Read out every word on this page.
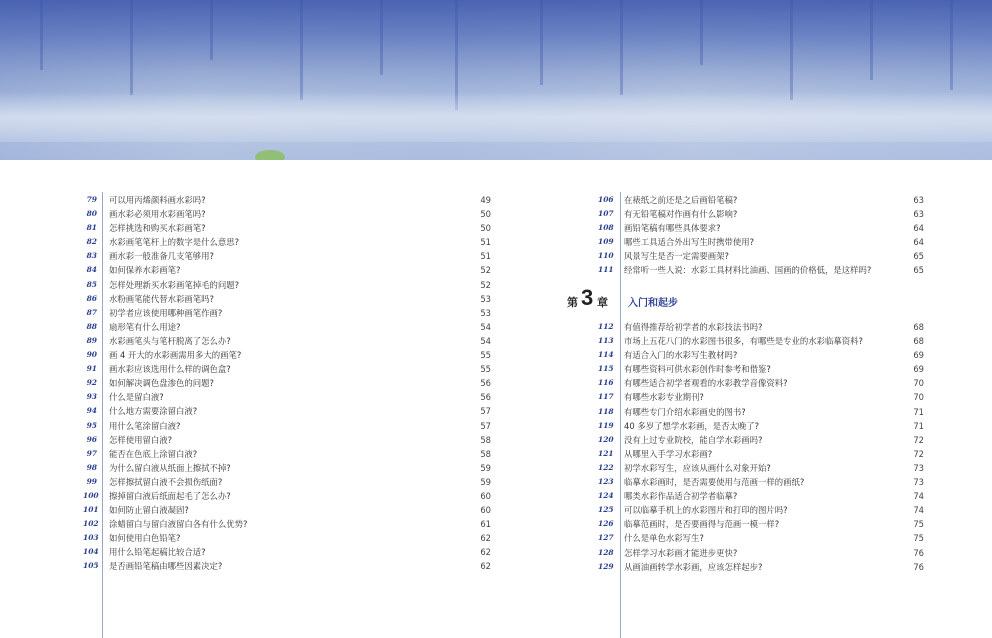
79 可以用丙烯颜料画水彩吗?	49
80 画水彩必须用水彩画笔吗?	50
81 怎样挑选和购买水彩画笔?	50
82 水彩画笔笔杆上的数字是什么意思?	51
83 画水彩一般准备几支笔够用?	51
84 如何保养水彩画笔?	52
85 怎样处理新买水彩画笔掉毛的问题?	52
86 水粉画笔能代替水彩画笔吗?	53
87 初学者应该使用哪种画笔作画?	53
88 扇形笔有什么用途?	54
89 水彩画笔头与笔杆脱离了怎么办?	54
90 画 4 开大的水彩画需用多大的画笔?	55
91 画水彩应该选用什么样的调色盒?	55
92 如何解决调色盘渗色的问题?	56
93 什么是留白液?	56
94 什么地方需要涂留白液?	57
95 用什么笔涂留白液?	57
96 怎样使用留白液?	58
97 能否在色底上涂留白液?	58
98 为什么留白液从纸面上擦拭不掉?	59
99 怎样擦拭留白液不会损伤纸面?	59
100 擦掉留白液后纸面起毛了怎么办?	60
101 如何防止留白液凝固?	60
102 涂蜡留白与留白液留白各有什么优势?	61
103 如何使用白色铅笔?	62
104 用什么铅笔起稿比较合适?	62
105 是否画铅笔稿由哪些因素决定?	62
106 在裱纸之前还是之后画铅笔稿?	63
107 有无铅笔稿对作画有什么影响?	63
108 画铅笔稿有哪些具体要求?	64
109 哪些工具适合外出写生时携带使用?	64
110 风景写生是否一定需要画架?	65
111 经常听一些人说：水彩工具材料比油画、国画的价格低，是这样吗?	65
第 3 章 入门和起步
112 有值得推荐给初学者的水彩技法书吗?	68
113 市场上五花八门的水彩图书很多，有哪些是专业的水彩临摹资料?	68
114 有适合入门的水彩写生教材吗?	69
115 有哪些资料可供水彩创作时参考和借鉴?	69
116 有哪些适合初学者观看的水彩教学音像资料?	70
117 有哪些水彩专业期刊?	70
118 有哪些专门介绍水彩画史的图书?	71
119 40 多岁了想学水彩画，是否太晚了?	71
120 没有上过专业院校，能自学水彩画吗?	72
121 从哪里入手学习水彩画?	72
122 初学水彩写生，应该从画什么对象开始?	73
123 临摹水彩画时，是否需要使用与范画一样的画纸?	73
124 哪类水彩作品适合初学者临摹?	74
125 可以临摹手机上的水彩图片和打印的图片吗?	74
126 临摹范画时，是否要画得与范画一模一样?	75
127 什么是单色水彩写生?	75
128 怎样学习水彩画才能进步更快?	76
129 从画油画转学水彩画，应该怎样起步?	76
